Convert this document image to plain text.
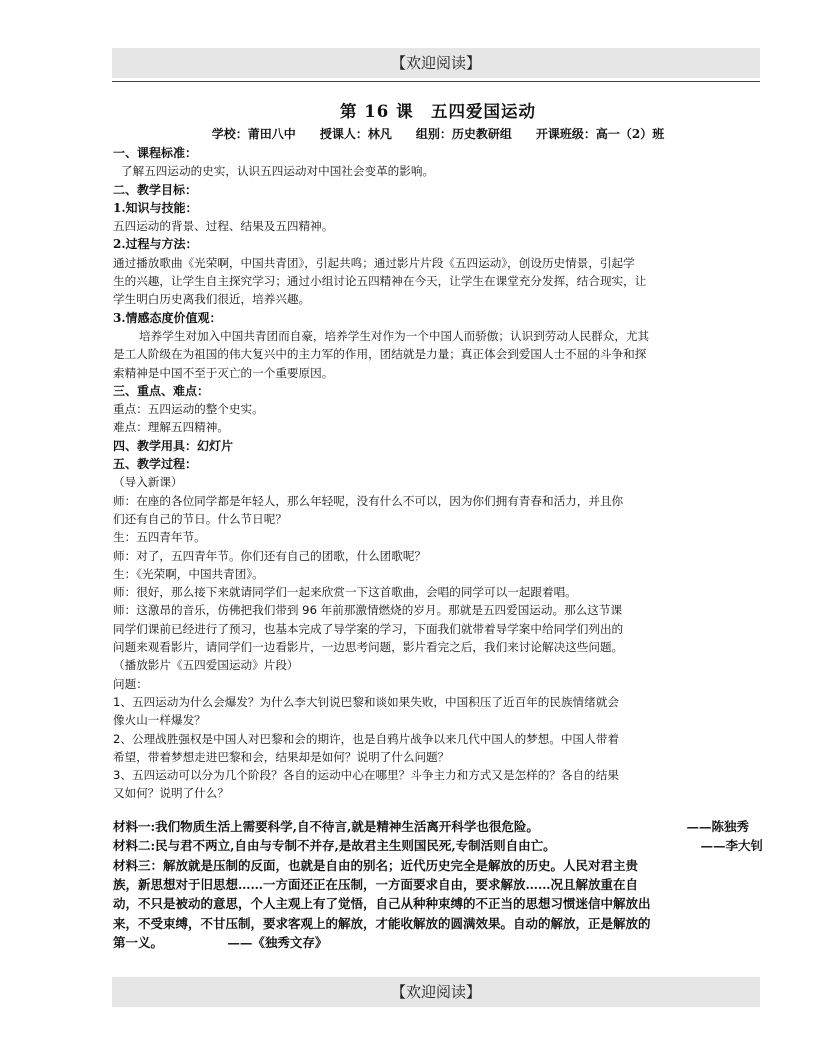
【欢迎阅读】
第 16 课　五四爱国运动
学校：莆田八中 授课人：林凡 组别：历史教研组 开课班级：高一（2）班
一、课程标准：
了解五四运动的史实，认识五四运动对中国社会变革的影响。
二、教学目标：
1.知识与技能：
五四运动的背景、过程、结果及五四精神。
2.过程与方法：
通过播放歌曲《光荣啊，中国共青团》，引起共鸣；通过影片片段《五四运动》，创设历史情景，引起学
生的兴趣，让学生自主探究学习；通过小组讨论五四精神在今天，让学生在课堂充分发挥，结合现实，让
学生明白历史离我们很近，培养兴趣。
3.情感态度价值观：
培养学生对加入中国共青团而自豪，培养学生对作为一个中国人而骄傲；认识到劳动人民群众，尤其
是工人阶级在为祖国的伟大复兴中的主力军的作用，团结就是力量；真正体会到爱国人士不屈的斗争和探
索精神是中国不至于灭亡的一个重要原因。
三、重点、难点：
重点：五四运动的整个史实。
难点：理解五四精神。
四、教学用具：幻灯片
五、教学过程：
（导入新课）
师：在座的各位同学都是年轻人，那么年轻呢，没有什么不可以，因为你们拥有青春和活力，并且你
们还有自己的节日。什么节日呢？
生：五四青年节。
师：对了，五四青年节。你们还有自己的团歌，什么团歌呢？
生：《光荣啊，中国共青团》。
师：很好，那么接下来就请同学们一起来欣赏一下这首歌曲，会唱的同学可以一起跟着唱。
师：这激昂的音乐，仿佛把我们带到 96 年前那激情燃烧的岁月。那就是五四爱国运动。那么这节课
同学们课前已经进行了预习，也基本完成了导学案的学习，下面我们就带着导学案中给同学们列出的
问题来观看影片，请同学们一边看影片，一边思考问题，影片看完之后，我们来讨论解决这些问题。
（播放影片《五四爱国运动》片段）
问题：
1、五四运动为什么会爆发？为什么李大钊说巴黎和谈如果失败，中国积压了近百年的民族情绪就会
像火山一样爆发？
2、公理战胜强权是中国人对巴黎和会的期许，也是自鸦片战争以来几代中国人的梦想。中国人带着
希望，带着梦想走进巴黎和会，结果却是如何？说明了什么问题？
3、五四运动可以分为几个阶段？各自的运动中心在哪里？斗争主力和方式又是怎样的？各自的结果
又如何？说明了什么？
材料一:我们物质生活上需要科学,自不待言,就是精神生活离开科学也很危险。	——陈独秀
材料二:民与君不两立,自由与专制不并存,是故君主生则国民死,专制活则自由亡。	——李大钊
材料三：解放就是压制的反面，也就是自由的别名；近代历史完全是解放的历史。人民对君主贵
族，新思想对于旧思想……一方面还正在压制，一方面要求自由，要求解放……况且解放重在自
动，不只是被动的意思，个人主观上有了觉悟，自己从种种束缚的不正当的思想习惯迷信中解放出
来，不受束缚，不甘压制，要求客观上的解放，才能收解放的圆满效果。自动的解放，正是解放的
第一义。	——《独秀文存》
【欢迎阅读】
